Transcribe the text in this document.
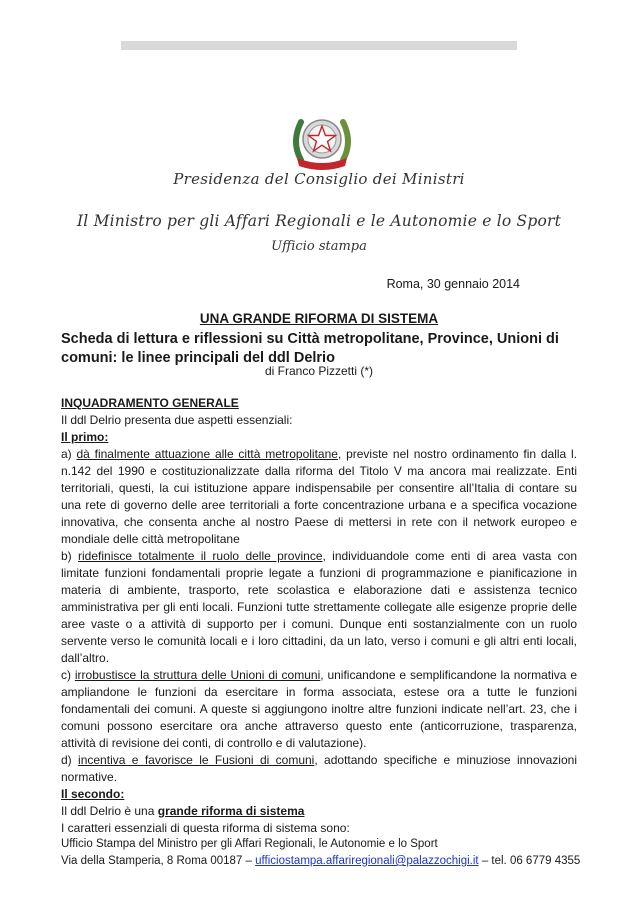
Presidenza del Consiglio dei Ministri
Il Ministro per gli Affari Regionali e le Autonomie e lo Sport
Ufficio stampa
Roma, 30 gennaio 2014
UNA GRANDE RIFORMA DI SISTEMA
Scheda di lettura e riflessioni su Città metropolitane, Province, Unioni di comuni: le linee principali del ddl Delrio
di Franco Pizzetti (*)

INQUADRAMENTO GENERALE

Il ddl Delrio presenta due aspetti essenziali:

Il primo:

a) dà finalmente attuazione alle città metropolitane, previste nel nostro ordinamento fin dalla l. n.142 del 1990 e costituzionalizzate dalla riforma del Titolo V ma ancora mai realizzate. Enti territoriali, questi, la cui istituzione appare indispensabile per consentire all’Italia di contare su una rete di governo delle aree territoriali a forte concentrazione urbana e a specifica vocazione innovativa, che consenta anche al nostro Paese di mettersi in rete con il network europeo e mondiale delle città metropolitane

b) ridefinisce totalmente il ruolo delle province, individuandole come enti di area vasta con limitate funzioni fondamentali proprie legate a funzioni di programmazione e pianificazione in materia di ambiente, trasporto, rete scolastica e elaborazione dati e assistenza tecnico amministrativa per gli enti locali. Funzioni tutte strettamente collegate alle esigenze proprie delle aree vaste o a attività di supporto per i comuni. Dunque enti sostanzialmente con un ruolo servente verso le comunità locali e i loro cittadini, da un lato, verso i comuni e gli altri enti locali, dall’altro.

c) irrobustisce la struttura delle Unioni di comuni, unificandone e semplificandone la normativa e ampliandone le funzioni da esercitare in forma associata, estese ora a tutte le funzioni fondamentali dei comuni. A queste si aggiungono inoltre altre funzioni indicate nell’art. 23, che i comuni possono esercitare ora anche attraverso questo ente (anticorruzione, trasparenza, attività di revisione dei conti, di controllo e di valutazione).

d) incentiva e favorisce le Fusioni di comuni, adottando specifiche e minuziose innovazioni normative.

Il secondo:

Il ddl Delrio è una grande riforma di sistema

I caratteri essenziali di questa riforma di sistema sono:

Ufficio Stampa del Ministro per gli Affari Regionali, le Autonomie e lo Sport
Via della Stamperia, 8 Roma 00187 – ufficiostampa.affariregionali@palazzochigi.it – tel. 06 6779 4355
